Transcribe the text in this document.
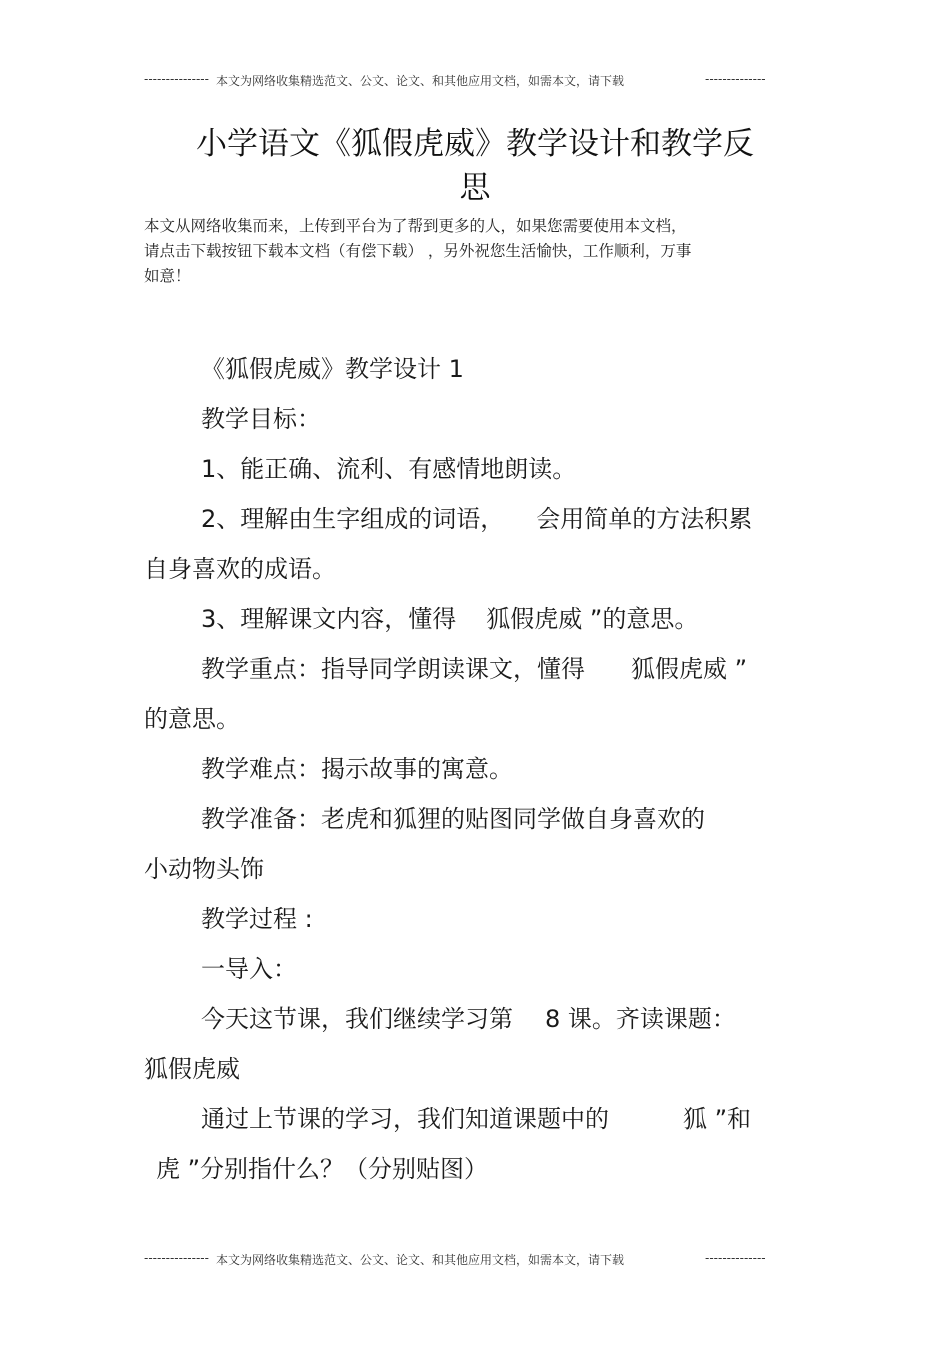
--------------- 本文为网络收集精选范文、公文、论文、和其他应用文档，如需本文，请下载	--------------
小学语文《狐假虎威》教学设计和教学反
思
本文从网络收集而来，上传到平台为了帮到更多的人，如果您需要使用本文档，
请点击下载按钮下载本文档（有偿下载） ，另外祝您生活愉快，工作顺利，万事
如意！
《狐假虎威》教学设计 1
教学目标：
1、能正确、流利、有感情地朗读。
2、理解由生字组成的词语， 会用简单的方法积累
自身喜欢的成语。
3、理解课文内容，懂得 狐假虎威 ”的意思。
教学重点：指导同学朗读课文，懂得 狐假虎威 ”
的意思。
教学难点：揭示故事的寓意。
教学准备：老虎和狐狸的贴图同学做自身喜欢的
小动物头饰
教学过程 :
一导入：
今天这节课，我们继续学习第 8 课。齐读课题：
狐假虎威
通过上节课的学习，我们知道课题中的	狐 ”和
虎 ”分别指什么？（分别贴图）
--------------- 本文为网络收集精选范文、公文、论文、和其他应用文档，如需本文，请下载	--------------
